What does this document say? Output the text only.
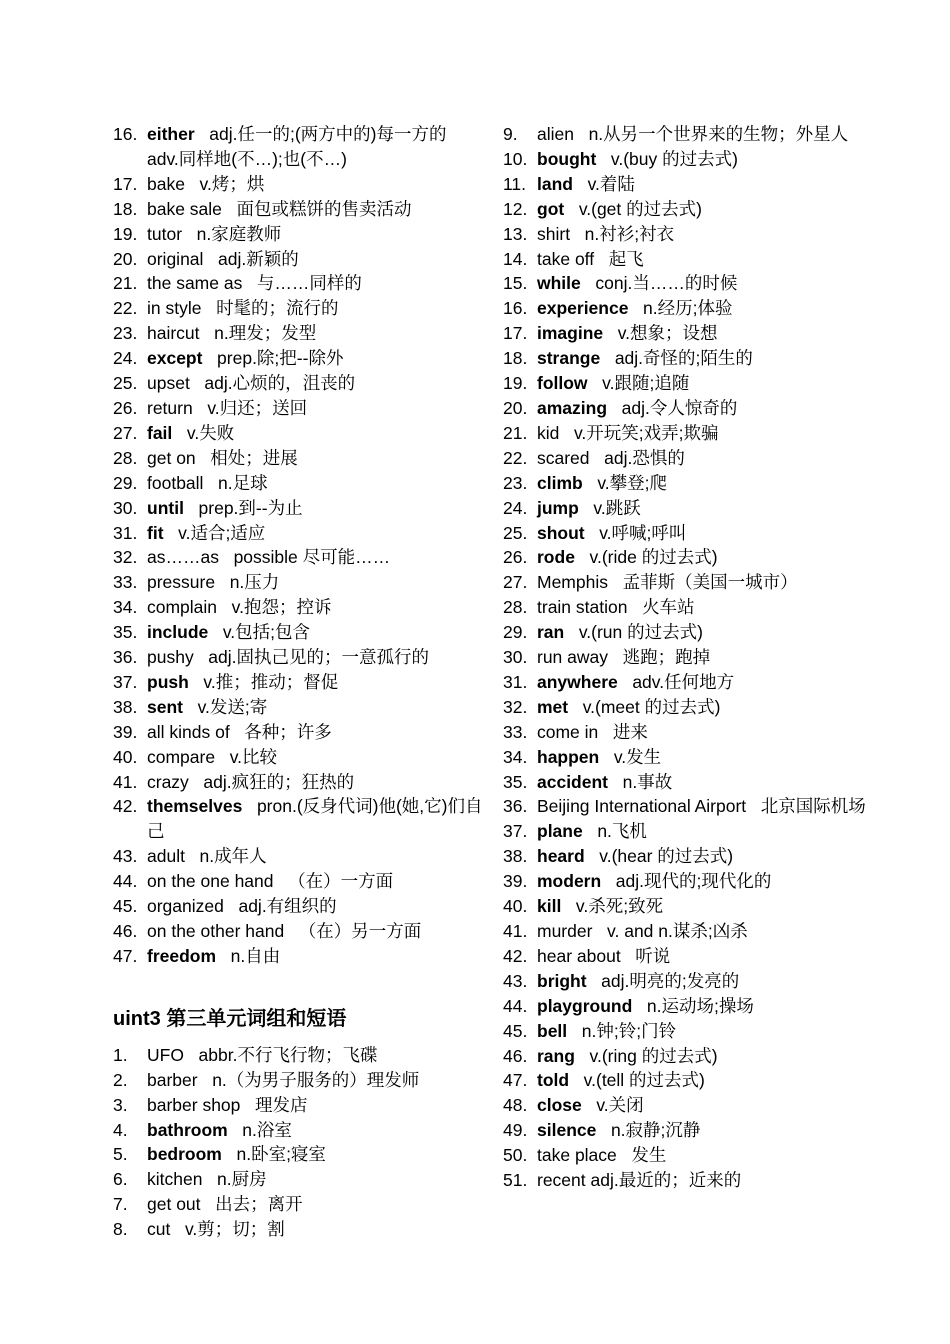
16. either adj.任一的;(两方中的)每一方的 adv.同样地(不…);也(不…)
17. bake v.烤；烘
18. bake sale 面包或糕饼的售卖活动
19. tutor n.家庭教师
20. original adj.新颖的
21. the same as 与……同样的
22. in style 时髦的；流行的
23. haircut n.理发；发型
24. except prep.除;把--除外
25. upset adj.心烦的，沮丧的
26. return v.归还；送回
27. fail v.失败
28. get on 相处；进展
29. football n.足球
30. until prep.到--为止
31. fit v.适合;适应
32. as……as possible 尽可能……
33. pressure n.压力
34. complain v.抱怨；控诉
35. include v.包括;包含
36. pushy adj.固执己见的；一意孤行的
37. push v.推；推动；督促
38. sent v.发送;寄
39. all kinds of 各种；许多
40. compare v.比较
41. crazy adj.疯狂的；狂热的
42. themselves pron.(反身代词)他(她,它)们自己
43. adult n.成年人
44. on the one hand （在）一方面
45. organized adj.有组织的
46. on the other hand （在）另一方面
47. freedom n.自由
uint3 第三单元词组和短语
1. UFO abbr.不行飞行物；飞碟
2. barber n.（为男子服务的）理发师
3. barber shop 理发店
4. bathroom n.浴室
5. bedroom n.卧室;寝室
6. kitchen n.厨房
7. get out 出去；离开
8. cut v.剪；切；割
9. alien n.从另一个世界来的生物；外星人
10. bought v.(buy 的过去式)
11. land v.着陆
12. got v.(get 的过去式)
13. shirt n.衬衫;衬衣
14. take off 起飞
15. while conj.当……的时候
16. experience n.经历;体验
17. imagine v.想象；设想
18. strange adj.奇怪的;陌生的
19. follow v.跟随;追随
20. amazing adj.令人惊奇的
21. kid v.开玩笑;戏弄;欺骗
22. scared adj.恐惧的
23. climb v.攀登;爬
24. jump v.跳跃
25. shout v.呼喊;呼叫
26. rode v.(ride 的过去式)
27. Memphis 孟菲斯（美国一城市）
28. train station 火车站
29. ran v.(run 的过去式)
30. run away 逃跑；跑掉
31. anywhere adv.任何地方
32. met v.(meet 的过去式)
33. come in 进来
34. happen v.发生
35. accident n.事故
36. Beijing International Airport 北京国际机场
37. plane n.飞机
38. heard v.(hear 的过去式)
39. modern adj.现代的;现代化的
40. kill v.杀死;致死
41. murder v. and n.谋杀;凶杀
42. hear about 听说
43. bright adj.明亮的;发亮的
44. playground n.运动场;操场
45. bell n.钟;铃;门铃
46. rang v.(ring 的过去式)
47. told v.(tell 的过去式)
48. close v.关闭
49. silence n.寂静;沉静
50. take place 发生
51. recent adj.最近的；近来的
